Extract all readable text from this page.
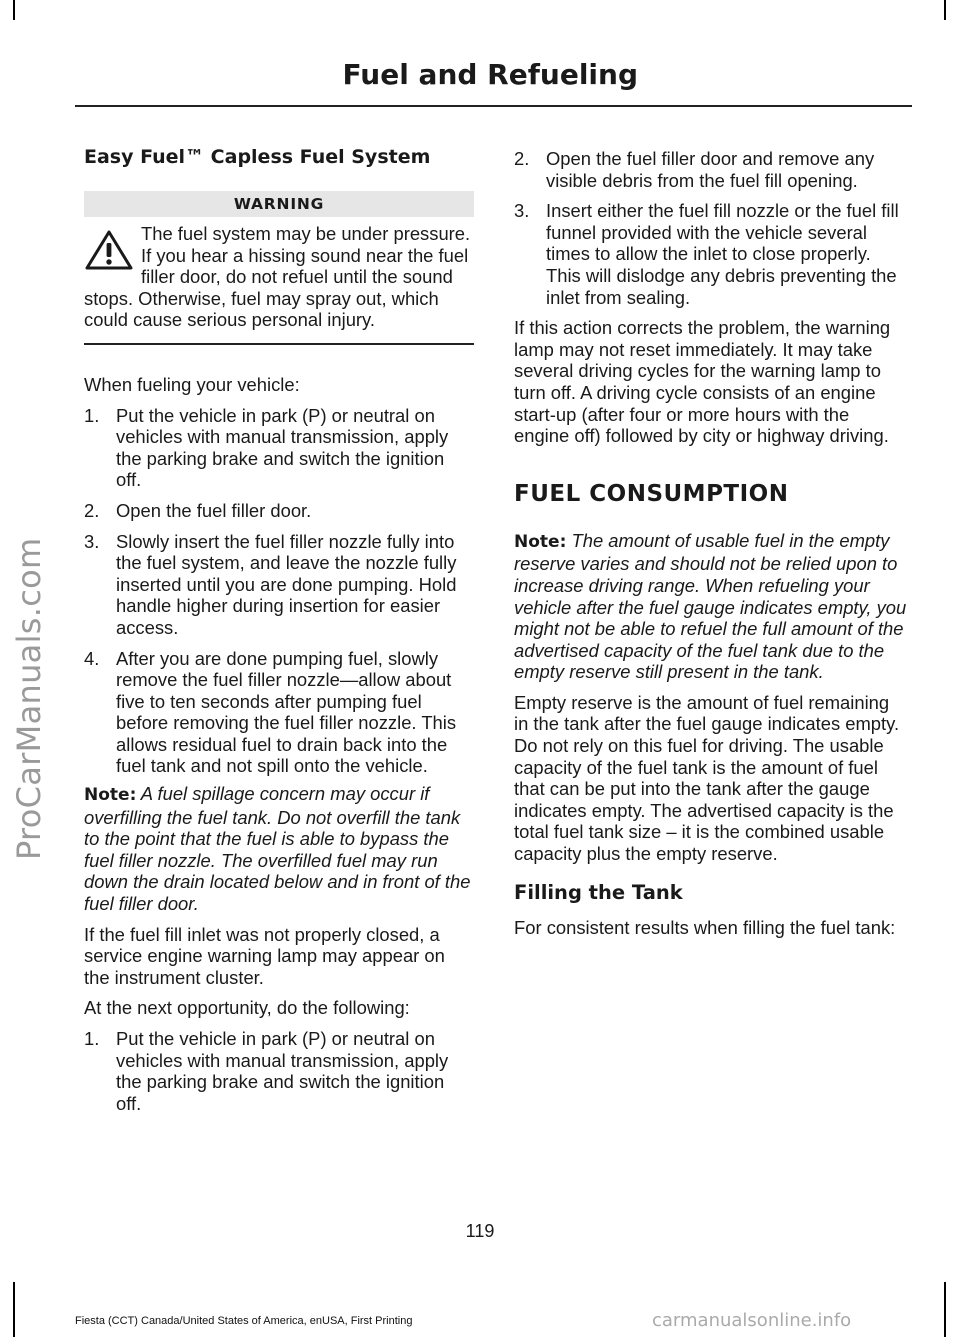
ProCarManuals.com
Fuel and Refueling
Easy Fuel™ Capless Fuel System
WARNING
The fuel system may be under pressure. If you hear a hissing sound near the fuel filler door, do not refuel until the sound stops. Otherwise, fuel may spray out, which could cause serious personal injury.

When fueling your vehicle:

1. Put the vehicle in park (P) or neutral on vehicles with manual transmission, apply the parking brake and switch the ignition off.
2. Open the fuel filler door.
3. Slowly insert the fuel filler nozzle fully into the fuel system, and leave the nozzle fully inserted until you are done pumping. Hold handle higher during insertion for easier access.
4. After you are done pumping fuel, slowly remove the fuel filler nozzle—allow about five to ten seconds after pumping fuel before removing the fuel filler nozzle. This allows residual fuel to drain back into the fuel tank and not spill onto the vehicle.

Note: A fuel spillage concern may occur if overfilling the fuel tank. Do not overfill the tank to the point that the fuel is able to bypass the fuel filler nozzle. The overfilled fuel may run down the drain located below and in front of the fuel filler door.

If the fuel fill inlet was not properly closed, a service engine warning lamp may appear on the instrument cluster.

At the next opportunity, do the following:

1. Put the vehicle in park (P) or neutral on vehicles with manual transmission, apply the parking brake and switch the ignition off.
2. Open the fuel filler door and remove any visible debris from the fuel fill opening.
3. Insert either the fuel fill nozzle or the fuel fill funnel provided with the vehicle several times to allow the inlet to close properly. This will dislodge any debris preventing the inlet from sealing.

If this action corrects the problem, the warning lamp may not reset immediately. It may take several driving cycles for the warning lamp to turn off. A driving cycle consists of an engine start-up (after four or more hours with the engine off) followed by city or highway driving.

FUEL CONSUMPTION

Note: The amount of usable fuel in the empty reserve varies and should not be relied upon to increase driving range. When refueling your vehicle after the fuel gauge indicates empty, you might not be able to refuel the full amount of the advertised capacity of the fuel tank due to the empty reserve still present in the tank.

Empty reserve is the amount of fuel remaining in the tank after the fuel gauge indicates empty. Do not rely on this fuel for driving. The usable capacity of the fuel tank is the amount of fuel that can be put into the tank after the gauge indicates empty. The advertised capacity is the total fuel tank size – it is the combined usable capacity plus the empty reserve.

Filling the Tank

For consistent results when filling the fuel tank:

119
Fiesta (CCT) Canada/United States of America, enUSA, First Printing	carmanualsonline.info
